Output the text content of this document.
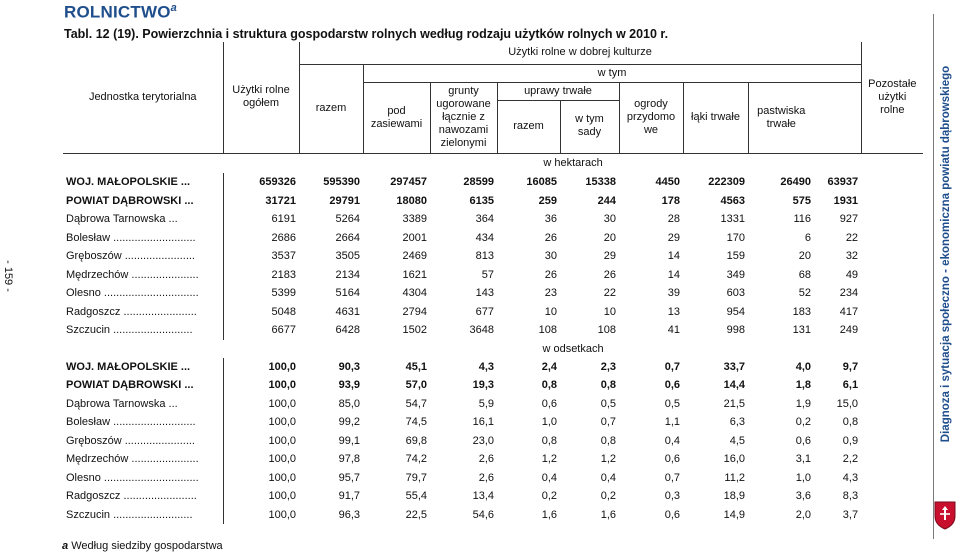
ROLNICTWO$^a$
Tabl. 12 (19). Powierzchnia i struktura gospodarstw rolnych według rodzaju użytków rolnych w 2010 r.
- 159 -	Diagnoza i sytuacja społeczno - ekonomiczna powiatu dąbrowskiego
Jednostka terytorialna	Użytki rolne ogółem	Użytki rolne w dobrej kulturze									Pozostałe użytki rolne
		razem	w tym								
			pod zasiewami	grunty ugorowane łącznie z nawozami zielonymi	uprawy trwałe		ogrody przydomo we	łąki trwałe	pastwiska trwałe		
					razem	w tym sady					

	w hektarach										
WOJ. MAŁOPOLSKIE ...	659326	595390	297457	28599	16085	15338	4450	222309	26490	63937	
POWIAT DĄBROWSKI ...	31721	29791	18080	6135	259	244	178	4563	575	1931	
Dąbrowa Tarnowska ...	6191	5264	3389	364	36	30	28	1331	116	927	
Bolesław ...........................	2686	2664	2001	434	26	20	29	170	6	22	
Gręboszów .......................	3537	3505	2469	813	30	29	14	159	20	32	
Mędrzechów ......................	2183	2134	1621	57	26	26	14	349	68	49	
Olesno ...............................	5399	5164	4304	143	23	22	39	603	52	234	
Radgoszcz ........................	5048	4631	2794	677	10	10	13	954	183	417	
Szczucin ..........................	6677	6428	1502	3648	108	108	41	998	131	249	
	w odsetkach										
WOJ. MAŁOPOLSKIE ...	100,0	90,3	45,1	4,3	2,4	2,3	0,7	33,7	4,0	9,7	
POWIAT DĄBROWSKI ...	100,0	93,9	57,0	19,3	0,8	0,8	0,6	14,4	1,8	6,1	
Dąbrowa Tarnowska ...	100,0	85,0	54,7	5,9	0,6	0,5	0,5	21,5	1,9	15,0	
Bolesław ...........................	100,0	99,2	74,5	16,1	1,0	0,7	1,1	6,3	0,2	0,8	
Gręboszów .......................	100,0	99,1	69,8	23,0	0,8	0,8	0,4	4,5	0,6	0,9	
Mędrzechów ......................	100,0	97,8	74,2	2,6	1,2	1,2	0,6	16,0	3,1	2,2	
Olesno ...............................	100,0	95,7	79,7	2,6	0,4	0,4	0,7	11,2	1,0	4,3	
Radgoszcz ........................	100,0	91,7	55,4	13,4	0,2	0,2	0,3	18,9	3,6	8,3	
Szczucin ..........................	100,0	96,3	22,5	54,6	1,6	1,6	0,6	14,9	2,0	3,7	
a Według siedziby gospodarstwa
